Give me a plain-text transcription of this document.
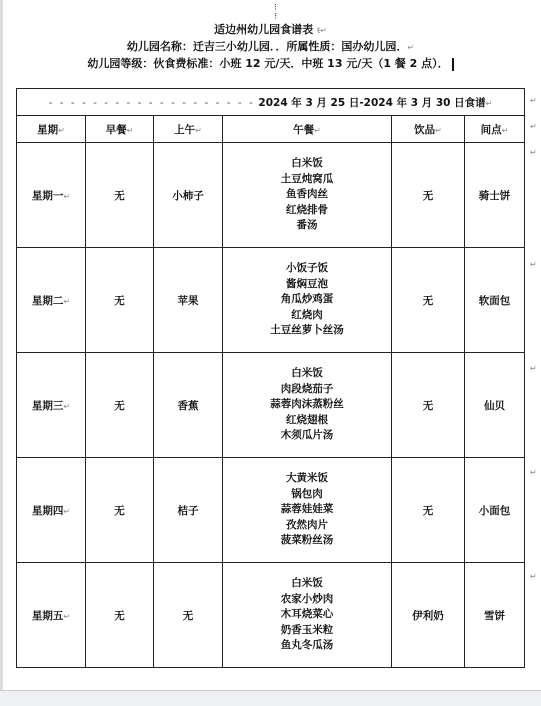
⁝
⁝
适边州幼儿园食谱表 ŧ↵
幼儿园名称：迁吉三小幼儿园．．所属性质：国办幼儿园．↵
幼儿园等级：伙食费标准：小班 12 元/天．中班 13 元/天（1 餐 2 点）．
- - - - - - - - - - - - - - - - - - - 2024 年 3 月 25 日-2024 年 3 月 30 日食谱↵					
星期↵	早餐↵	上午↵	午餐↵	饮品↵	间点↵
星期一↵	无	小柿子	白米饭
土豆炖窝瓜
鱼香肉丝
红烧排骨
番汤	无	骑士饼
星期二↵	无	苹果	小饭子饭
酱焖豆泡
角瓜炒鸡蛋
红烧肉
土豆丝萝卜丝汤	无	软面包
星期三↵	无	香蕉	白米饭
肉段烧茄子
蒜蓉肉沫蒸粉丝
红烧翅根
木须瓜片汤	无	仙贝
星期四↵	无	桔子	大黄米饭
锅包肉
蒜蓉娃娃菜
孜然肉片
菠菜粉丝汤	无	小面包
星期五↵	无	无	白米饭
农家小炒肉
木耳烧菜心
奶香玉米粒
鱼丸冬瓜汤	伊利奶	雪饼
↵
↵
↵
↵
↵
↵
↵
